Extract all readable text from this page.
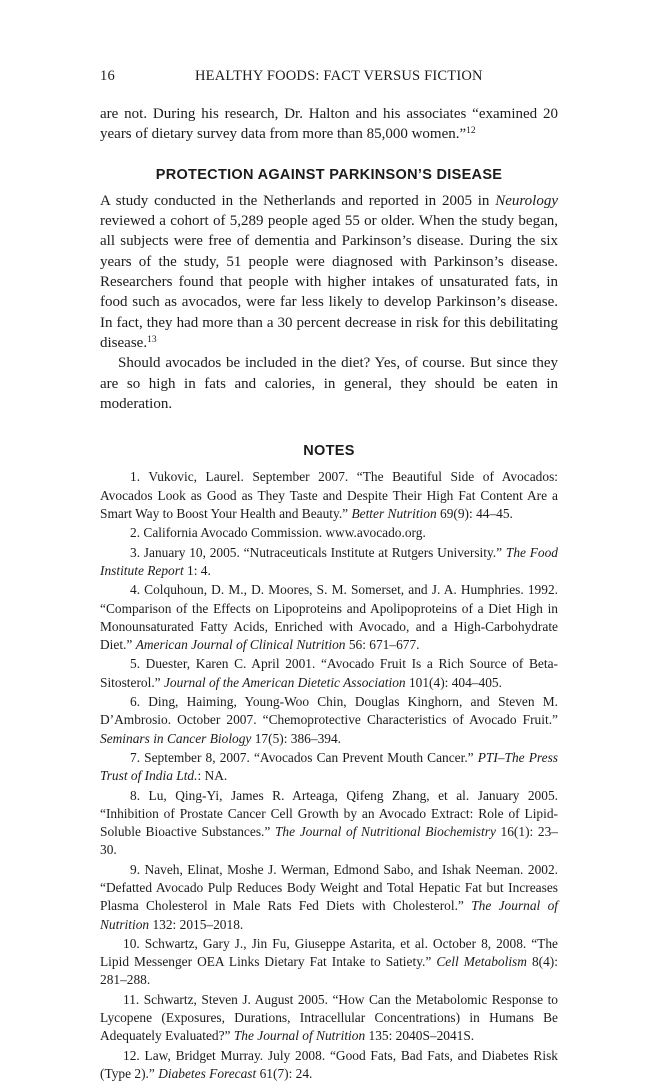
16	HEALTHY FOODS: FACT VERSUS FICTION

are not. During his research, Dr. Halton and his associates “examined 20 years of dietary survey data from more than 85,000 women.”$^{12}$

PROTECTION AGAINST PARKINSON’S DISEASE

A study conducted in the Netherlands and reported in 2005 in Neurology reviewed a cohort of 5,289 people aged 55 or older. When the study began, all subjects were free of dementia and Parkinson’s disease. During the six years of the study, 51 people were diagnosed with Parkinson’s disease. Researchers found that people with higher intakes of unsaturated fats, in food such as avocados, were far less likely to develop Parkinson’s disease. In fact, they had more than a 30 percent decrease in risk for this debilitating disease.$^{13}$

Should avocados be included in the diet? Yes, of course. But since they are so high in fats and calories, in general, they should be eaten in moderation.

NOTES

1. Vukovic, Laurel. September 2007. “The Beautiful Side of Avocados: Avocados Look as Good as They Taste and Despite Their High Fat Content Are a Smart Way to Boost Your Health and Beauty.” Better Nutrition 69(9): 44–45.

2. California Avocado Commission. www.avocado.org.

3. January 10, 2005. “Nutraceuticals Institute at Rutgers University.” The Food Institute Report 1: 4.

4. Colquhoun, D. M., D. Moores, S. M. Somerset, and J. A. Humphries. 1992. “Comparison of the Effects on Lipoproteins and Apolipoproteins of a Diet High in Monounsaturated Fatty Acids, Enriched with Avocado, and a High-Carbohydrate Diet.” American Journal of Clinical Nutrition 56: 671–677.

5. Duester, Karen C. April 2001. “Avocado Fruit Is a Rich Source of Beta-Sitosterol.” Journal of the American Dietetic Association 101(4): 404–405.

6. Ding, Haiming, Young-Woo Chin, Douglas Kinghorn, and Steven M. D’Ambrosio. October 2007. “Chemoprotective Characteristics of Avocado Fruit.” Seminars in Cancer Biology 17(5): 386–394.

7. September 8, 2007. “Avocados Can Prevent Mouth Cancer.” PTI–The Press Trust of India Ltd.: NA.

8. Lu, Qing-Yi, James R. Arteaga, Qifeng Zhang, et al. January 2005. “Inhibition of Prostate Cancer Cell Growth by an Avocado Extract: Role of Lipid-Soluble Bioactive Substances.” The Journal of Nutritional Biochemistry 16(1): 23–30.

9. Naveh, Elinat, Moshe J. Werman, Edmond Sabo, and Ishak Neeman. 2002. “Defatted Avocado Pulp Reduces Body Weight and Total Hepatic Fat but Increases Plasma Cholesterol in Male Rats Fed Diets with Cholesterol.” The Journal of Nutrition 132: 2015–2018.

10. Schwartz, Gary J., Jin Fu, Giuseppe Astarita, et al. October 8, 2008. “The Lipid Messenger OEA Links Dietary Fat Intake to Satiety.” Cell Metabolism 8(4): 281–288.

11. Schwartz, Steven J. August 2005. “How Can the Metabolomic Response to Lycopene (Exposures, Durations, Intracellular Concentrations) in Humans Be Adequately Evaluated?” The Journal of Nutrition 135: 2040S–2041S.

12. Law, Bridget Murray. July 2008. “Good Fats, Bad Fats, and Diabetes Risk (Type 2).” Diabetes Forecast 61(7): 24.
